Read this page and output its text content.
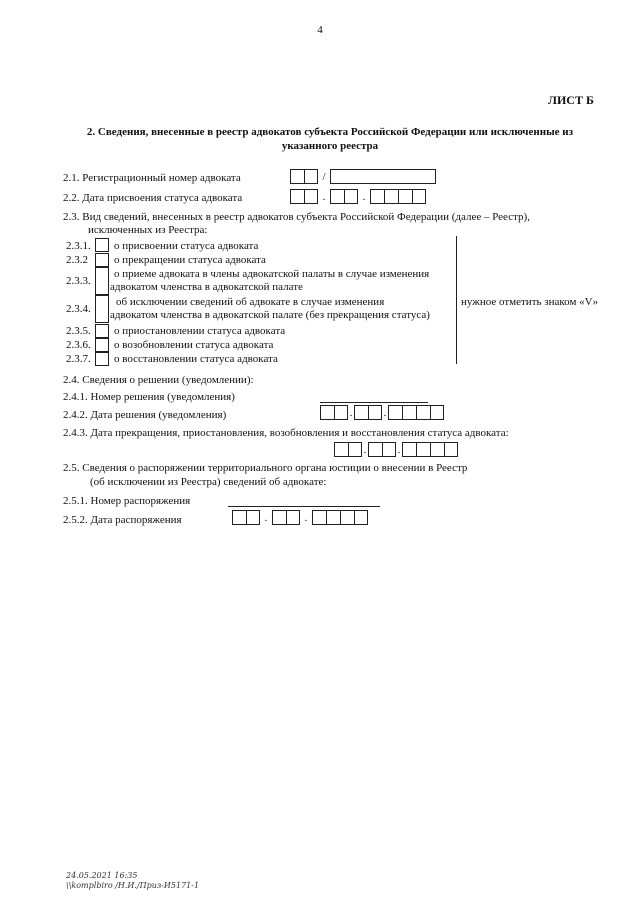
4
ЛИСТ Б
2. Сведения, внесенные в реестр адвокатов субъекта Российской Федерации или исключенные из
указанного реестра
2.1. Регистрационный номер адвоката	/
2.2. Дата присвоения статуса адвоката	.	.
2.3. Вид сведений, внесенных в реестр адвокатов субъекта Российской Федерации (далее – Реестр),
исключенных из Реестра:
2.3.1. о присвоении статуса адвоката
2.3.2 о прекращении статуса адвоката
2.3.3.
о приеме адвоката в члены адвокатской палаты в случае изменения
адвокатом членства в адвокатской палате
2.3.4.
об исключении сведений об адвокате в случае изменения
адвокатом членства в адвокатской палате (без прекращения статуса)
2.3.5. о приостановлении статуса адвоката
2.3.6. о возобновлении статуса адвоката
2.3.7. о восстановлении статуса адвоката
нужное отметить знаком «V»
2.4. Сведения о решении (уведомлении):
2.4.1. Номер решения (уведомления)
2.4.2. Дата решения (уведомления)	.	.
2.4.3. Дата прекращения, приостановления, возобновления и восстановления статуса адвоката:
.	.
2.5. Сведения о распоряжении территориального органа юстиции о внесении в Реестр
(об исключении из Реестра) сведений об адвокате:
2.5.1. Номер распоряжения
2.5.2. Дата распоряжения	.	.
24.05.2021 16:35
\\komplbiro /Н.И./Приз-И5171-1
